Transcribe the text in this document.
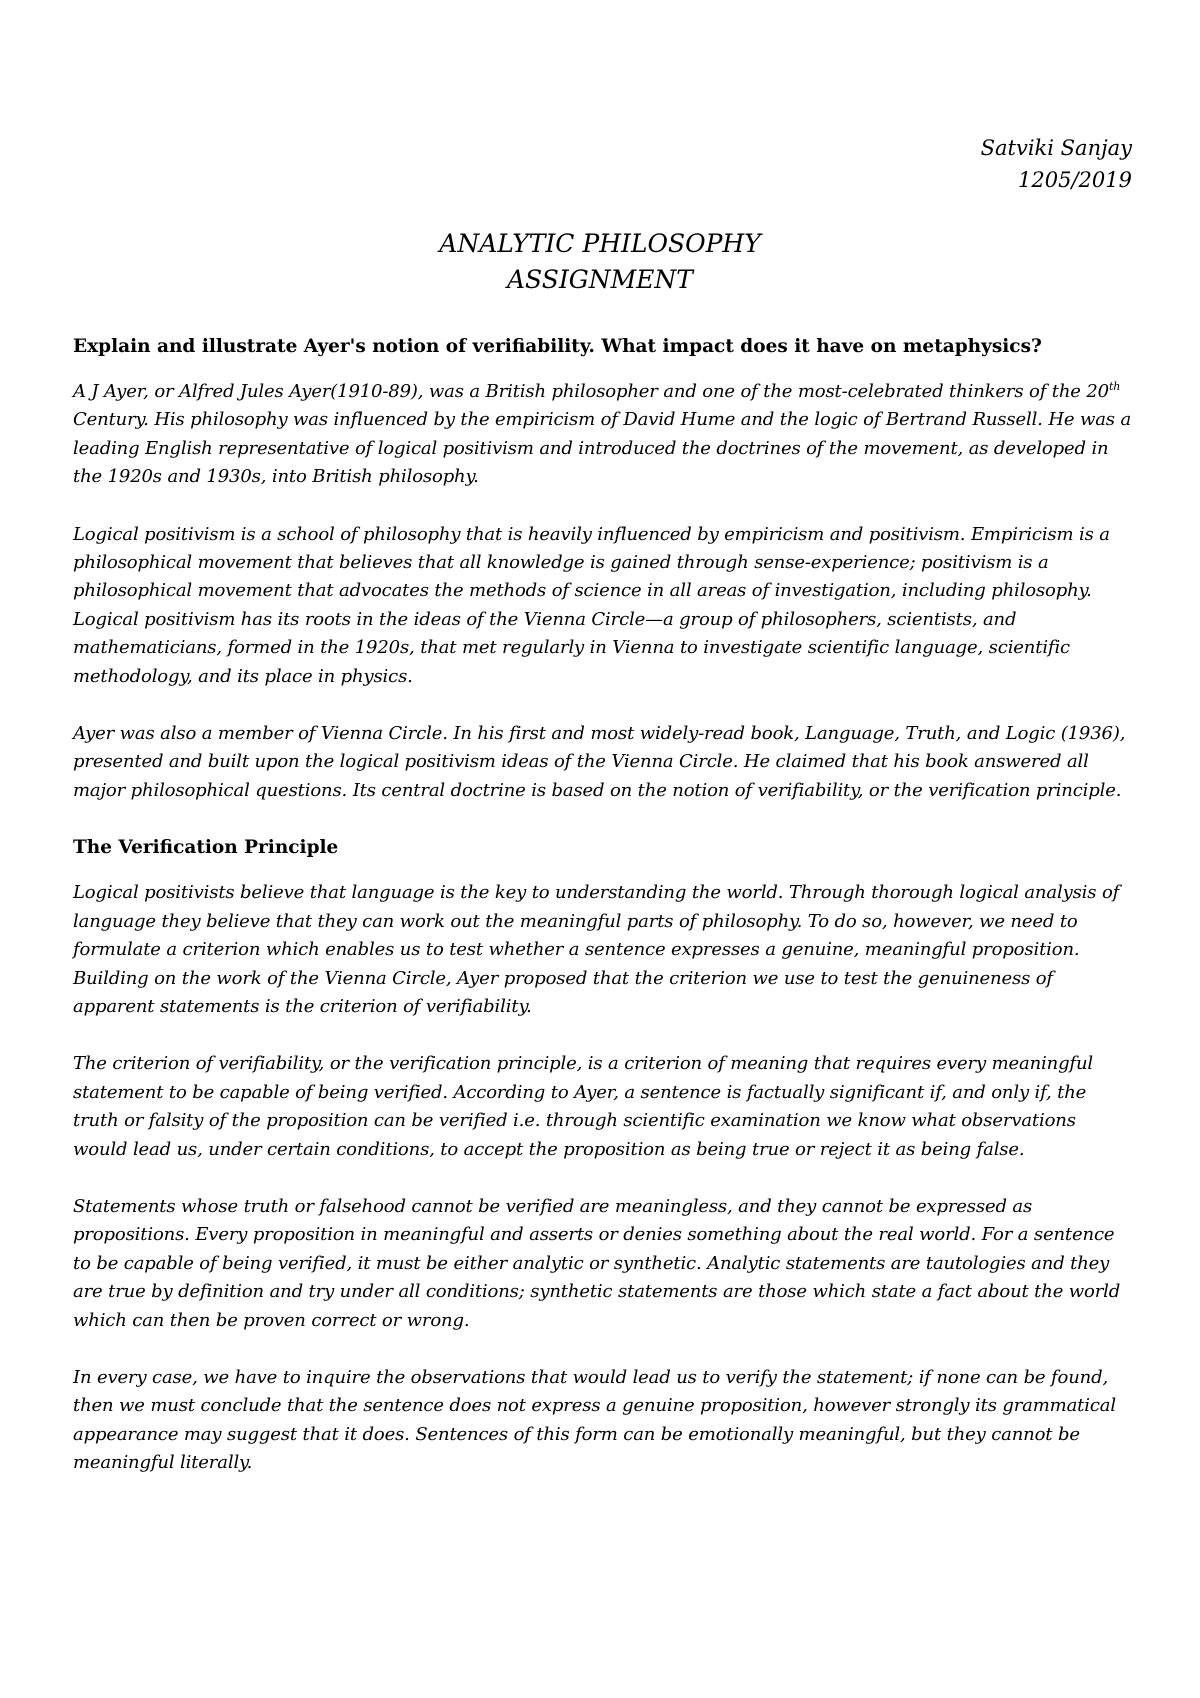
Satviki Sanjay
1205/2019
ANALYTIC PHILOSOPHY
ASSIGNMENT

Explain and illustrate Ayer's notion of verifiability. What impact does it have on metaphysics?

A J Ayer, or Alfred Jules Ayer(1910-89), was a British philosopher and one of the most-celebrated thinkers of the 20th Century. His philosophy was influenced by the empiricism of David Hume and the logic of Bertrand Russell. He was a leading English representative of logical positivism and introduced the doctrines of the movement, as developed in the 1920s and 1930s, into British philosophy.

Logical positivism is a school of philosophy that is heavily influenced by empiricism and positivism. Empiricism is a philosophical movement that believes that all knowledge is gained through sense-experience; positivism is a philosophical movement that advocates the methods of science in all areas of investigation, including philosophy. Logical positivism has its roots in the ideas of the Vienna Circle—a group of philosophers, scientists, and mathematicians, formed in the 1920s, that met regularly in Vienna to investigate scientific language, scientific methodology, and its place in physics.

Ayer was also a member of Vienna Circle. In his first and most widely-read book, Language, Truth, and Logic (1936), presented and built upon the logical positivism ideas of the Vienna Circle. He claimed that his book answered all major philosophical questions. Its central doctrine is based on the notion of verifiability, or the verification principle.

The Verification Principle

Logical positivists believe that language is the key to understanding the world. Through thorough logical analysis of language they believe that they can work out the meaningful parts of philosophy. To do so, however, we need to formulate a criterion which enables us to test whether a sentence expresses a genuine, meaningful proposition. Building on the work of the Vienna Circle, Ayer proposed that the criterion we use to test the genuineness of apparent statements is the criterion of verifiability.

The criterion of verifiability, or the verification principle, is a criterion of meaning that requires every meaningful statement to be capable of being verified. According to Ayer, a sentence is factually significant if, and only if, the truth or falsity of the proposition can be verified i.e. through scientific examination we know what observations would lead us, under certain conditions, to accept the proposition as being true or reject it as being false.

Statements whose truth or falsehood cannot be verified are meaningless, and they cannot be expressed as propositions. Every proposition in meaningful and asserts or denies something about the real world. For a sentence to be capable of being verified, it must be either analytic or synthetic. Analytic statements are tautologies and they are true by definition and try under all conditions; synthetic statements are those which state a fact about the world which can then be proven correct or wrong.

In every case, we have to inquire the observations that would lead us to verify the statement; if none can be found, then we must conclude that the sentence does not express a genuine proposition, however strongly its grammatical appearance may suggest that it does. Sentences of this form can be emotionally meaningful, but they cannot be meaningful literally.
